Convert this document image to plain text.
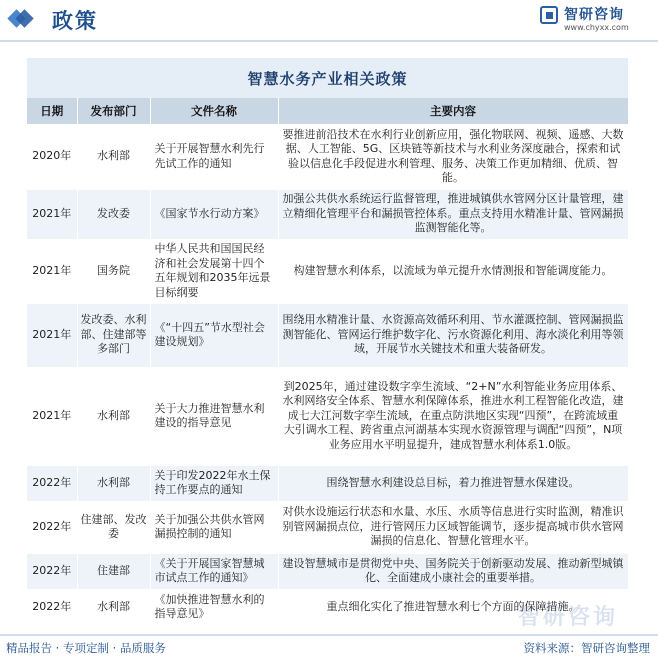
政策	智研咨询
www.chyxx.com
智慧水务产业相关政策
日期	发布部门	文件名称	主要内容
2020年	水利部	关于开展智慧水利先行先试工作的通知	要推进前沿技术在水利行业创新应用，强化物联网、视频、遥感、大数据、人工智能、5G、区块链等新技术与水利业务深度融合，探索和试验以信息化手段促进水利管理、服务、决策工作更加精细、优质、智能。
2021年	发改委	《国家节水行动方案》	加强公共供水系统运行监督管理，推进城镇供水管网分区计量管理，建立精细化管理平台和漏损管控体系。重点支持用水精准计量、管网漏损监测智能化等。
2021年	国务院	中华人民共和国国民经济和社会发展第十四个五年规划和2035年远景目标纲要	构建智慧水利体系，以流域为单元提升水情测报和智能调度能力。
2021年	发改委、水利部、住建部等多部门	《“十四五”节水型社会建设规划》	围绕用水精准计量、水资源高效循环利用、节水灌溉控制、管网漏损监测智能化、管网运行维护数字化、污水资源化利用、海水淡化利用等领域，开展节水关键技术和重大装备研发。
2021年	水利部	关于大力推进智慧水利建设的指导意见	到2025年，通过建设数字孪生流域、“2+N”水利智能业务应用体系、水利网络安全体系、智慧水利保障体系，推进水利工程智能化改造，建成七大江河数字孪生流域，在重点防洪地区实现“四预”，在跨流域重大引调水工程、跨省重点河湖基本实现水资源管理与调配“四预”，N项业务应用水平明显提升，建成智慧水利体系1.0版。
2022年	水利部	关于印发2022年水土保持工作要点的通知	围绕智慧水利建设总目标，着力推进智慧水保建设。
2022年	住建部、发改委	关于加强公共供水管网漏损控制的通知	对供水设施运行状态和水量、水压、水质等信息进行实时监测，精准识别管网漏损点位，进行管网压力区域智能调节，逐步提高城市供水管网漏损的信息化、智慧化管理水平。
2022年	住建部	《关于开展国家智慧城市试点工作的通知》	建设智慧城市是贯彻党中央、国务院关于创新驱动发展、推动新型城镇化、全面建成小康社会的重要举措。
2022年	水利部	《加快推进智慧水利的指导意见》	重点细化实化了推进智慧水利七个方面的保障措施。
智研咨询
精品报告 · 专项定制 · 品质服务	资料来源：智研咨询整理
